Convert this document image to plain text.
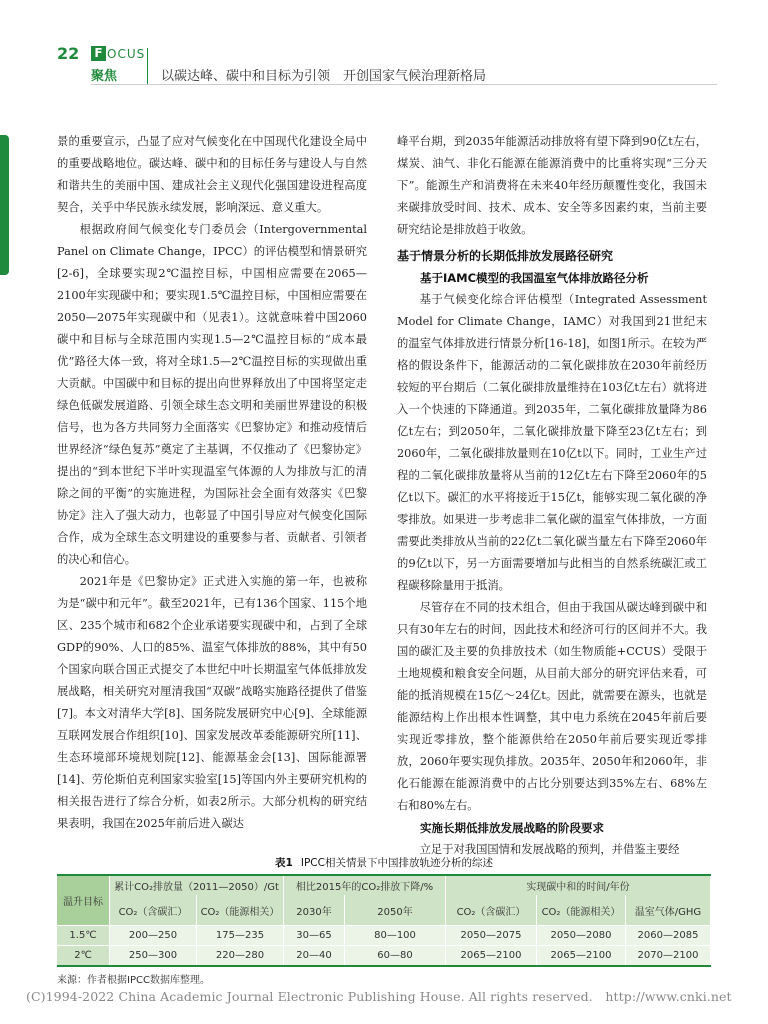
22 F OCUS
聚焦	以碳达峰、碳中和目标为引领　开创国家气候治理新格局

景的重要宣示，凸显了应对气候变化在中国现代化建设全局中的重要战略地位。碳达峰、碳中和的目标任务与建设人与自然和谐共生的美丽中国、建成社会主义现代化强国建设进程高度契合，关乎中华民族永续发展，影响深远、意义重大。

根据政府间气候变化专门委员会（Intergovernmental Panel on Climate Change，IPCC）的评估模型和情景研究[2-6]，全球要实现2℃温控目标，中国相应需要在2065—2100年实现碳中和；要实现1.5℃温控目标，中国相应需要在2050—2075年实现碳中和（见表1）。这就意味着中国2060碳中和目标与全球范围内实现1.5—2℃温控目标的“成本最优”路径大体一致，将对全球1.5—2℃温控目标的实现做出重大贡献。中国碳中和目标的提出向世界释放出了中国将坚定走绿色低碳发展道路、引领全球生态文明和美丽世界建设的积极信号，也为各方共同努力全面落实《巴黎协定》和推动疫情后世界经济“绿色复苏”奠定了主基调，不仅推动了《巴黎协定》提出的“到本世纪下半叶实现温室气体源的人为排放与汇的清除之间的平衡”的实施进程，为国际社会全面有效落实《巴黎协定》注入了强大动力，也彰显了中国引导应对气候变化国际合作，成为全球生态文明建设的重要参与者、贡献者、引领者的决心和信心。

2021年是《巴黎协定》正式进入实施的第一年，也被称为是“碳中和元年”。截至2021年，已有136个国家、115个地区、235个城市和682个企业承诺要实现碳中和，占到了全球GDP的90%、人口的85%、温室气体排放的88%，其中有50个国家向联合国正式提交了本世纪中叶长期温室气体低排放发展战略，相关研究对厘清我国“双碳”战略实施路径提供了借鉴[7]。本文对清华大学[8]、国务院发展研究中心[9]、全球能源互联网发展合作组织[10]、国家发展改革委能源研究所[11]、生态环境部环境规划院[12]、能源基金会[13]、国际能源署[14]、劳伦斯伯克利国家实验室[15]等国内外主要研究机构的相关报告进行了综合分析，如表2所示。大部分机构的研究结果表明，我国在2025年前后进入碳达

峰平台期，到2035年能源活动排放将有望下降到90亿t左右，煤炭、油气、非化石能源在能源消费中的比重将实现“三分天下”。能源生产和消费将在未来40年经历颠覆性变化，我国未来碳排放受时间、技术、成本、安全等多因素约束，当前主要研究结论是排放趋于收敛。

基于情景分析的长期低排放发展路径研究
基于IAMC模型的我国温室气体排放路径分析

基于气候变化综合评估模型（Integrated Assessment Model for Climate Change，IAMC）对我国到21世纪末的温室气体排放进行情景分析[16-18]，如图1所示。在较为严格的假设条件下，能源活动的二氧化碳排放在2030年前经历较短的平台期后（二氧化碳排放量维持在103亿t左右）就将进入一个快速的下降通道。到2035年，二氧化碳排放量降为86亿t左右；到2050年，二氧化碳排放量下降至23亿t左右；到2060年，二氧化碳排放量则在10亿t以下。同时，工业生产过程的二氧化碳排放量将从当前的12亿t左右下降至2060年的5亿t以下。碳汇的水平将接近于15亿t，能够实现二氧化碳的净零排放。如果进一步考虑非二氧化碳的温室气体排放，一方面需要此类排放从当前的22亿t二氧化碳当量左右下降至2060年的9亿t以下，另一方面需要增加与此相当的自然系统碳汇或工程碳移除量用于抵消。

尽管存在不同的技术组合，但由于我国从碳达峰到碳中和只有30年左右的时间，因此技术和经济可行的区间并不大。我国的碳汇及主要的负排放技术（如生物质能+CCUS）受限于土地规模和粮食安全问题，从目前大部分的研究评估来看，可能的抵消规模在15亿～24亿t。因此，就需要在源头，也就是能源结构上作出根本性调整，其中电力系统在2045年前后要实现近零排放，整个能源供给在2050年前后要实现近零排放，2060年要实现负排放。2035年、2050年和2060年，非化石能源在能源消费中的占比分别要达到35%左右、68%左右和80%左右。

实施长期低排放发展战略的阶段要求

立足于对我国国情和发展战略的预判，并借鉴主要经

表1 IPCC相关情景下中国排放轨迹分析的综述
温升目标	累计CO₂排放量（2011—2050）/Gt		相比2015年的CO₂排放下降/%		实现碳中和的时间/年份		
	CO₂（含碳汇）	CO₂（能源相关）	2030年	2050年	CO₂（含碳汇）	CO₂（能源相关）	温室气体/GHG
1.5℃	200—250	175—235	30—65	80—100	2050—2075	2050—2080	2060—2085
2℃	250—300	220—280	20—40	60—80	2065—2100	2065—2100	2070—2100
来源：作者根据IPCC数据库整理。
(C)1994-2022 China Academic Journal Electronic Publishing House. All rights reserved.　http://www.cnki.net
